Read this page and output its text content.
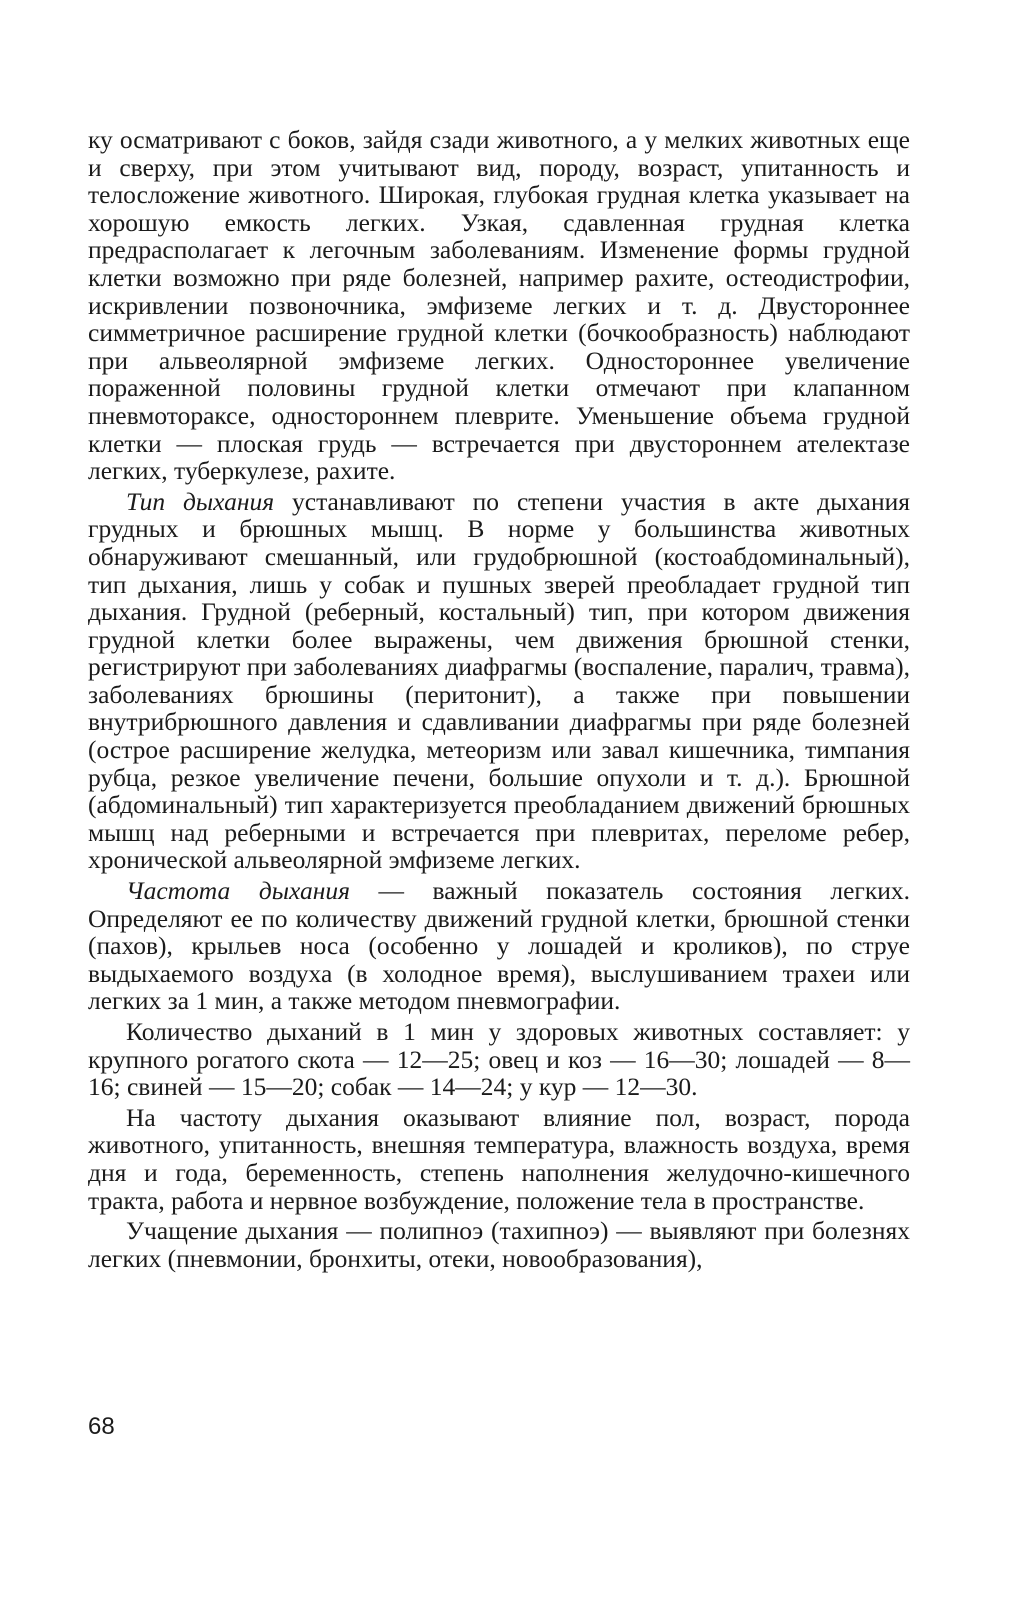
ку осматривают с боков, зайдя сзади животного, а у мелких животных еще и сверху, при этом учитывают вид, породу, возраст, упитанность и телосложение животного. Широкая, глубокая грудная клетка указывает на хорошую емкость легких. Узкая, сдавленная грудная клетка предрасполагает к легочным заболеваниям. Изменение формы грудной клетки возможно при ряде болезней, например рахите, остеодистрофии, искривлении позвоночника, эмфиземе легких и т. д. Двустороннее симметричное расширение грудной клетки (бочкообразность) наблюдают при альвеолярной эмфиземе легких. Одностороннее увеличение пораженной половины грудной клетки отмечают при клапанном пневмотораксе, одностороннем плеврите. Уменьшение объема грудной клетки — плоская грудь — встречается при двустороннем ателектазе легких, туберкулезе, рахите.

Тип дыхания устанавливают по степени участия в акте дыхания грудных и брюшных мышц. В норме у большинства животных обнаруживают смешанный, или грудобрюшной (костоабдоминальный), тип дыхания, лишь у собак и пушных зверей преобладает грудной тип дыхания. Грудной (реберный, костальный) тип, при котором движения грудной клетки более выражены, чем движения брюшной стенки, регистрируют при заболеваниях диафрагмы (воспаление, паралич, травма), заболеваниях брюшины (перитонит), а также при повышении внутрибрюшного давления и сдавливании диафрагмы при ряде болезней (острое расширение желудка, метеоризм или завал кишечника, тимпания рубца, резкое увеличение печени, большие опухоли и т. д.). Брюшной (абдоминальный) тип характеризуется преобладанием движений брюшных мышц над реберными и встречается при плевритах, переломе ребер, хронической альвеолярной эмфиземе легких.

Частота дыхания — важный показатель состояния легких. Определяют ее по количеству движений грудной клетки, брюшной стенки (пахов), крыльев носа (особенно у лошадей и кроликов), по струе выдыхаемого воздуха (в холодное время), выслушиванием трахеи или легких за 1 мин, а также методом пневмографии.

Количество дыханий в 1 мин у здоровых животных составляет: у крупного рогатого скота — 12—25; овец и коз — 16—30; лошадей — 8—16; свиней — 15—20; собак — 14—24; у кур — 12—30.

На частоту дыхания оказывают влияние пол, возраст, порода животного, упитанность, внешняя температура, влажность воздуха, время дня и года, беременность, степень наполнения желудочно-кишечного тракта, работа и нервное возбуждение, положение тела в пространстве.

Учащение дыхания — полипноэ (тахипноэ) — выявляют при болезнях легких (пневмонии, бронхиты, отеки, новообразования),

68
